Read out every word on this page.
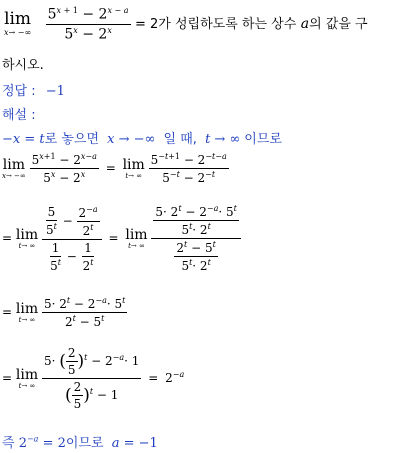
lim
x→ −∞
$\frac{5^{x + 1} - 2^{x - a}}{5^x - 2^x} = 2$가 성립하도록 하는 상수 a의 값을 구
하시오.
정답 : −1
해설 :
−x = t로 놓으면 x → −∞ 일 때, t → ∞ 이므로
lim
x→ −∞
$\frac{5^{x+1} - 2^{x-a}}{5^x - 2^x} = \lim$
t→ ∞
$\frac{5^{-t+1} - 2^{-t-a}}{5^{-t} - 2^{-t}}$
= lim
t→ ∞
$\frac{\frac{5}{5^t} - \frac{2^{-a}}{2^t}}{\frac{1}{5^t} - \frac{1}{2^t}} = \lim$
t→ ∞
$\frac{\frac{5\cdot 2^t - 2^{-a}\cdot 5^t}{5^t\cdot 2^t}}{\frac{2^t - 5^t}{5^t\cdot 2^t}}$
= lim
t→ ∞
$\frac{5\cdot 2^t - 2^{-a}\cdot 5^t}{2^t - 5^t}$
= lim
t→ ∞
$\frac{5\cdot ( \frac{2}{5} )^t - 2^{-a}\cdot 1}{( \frac{2}{5} )^t - 1} = 2^{-a}$
즉 $2^{-a} = 2$이므로 a = −1
